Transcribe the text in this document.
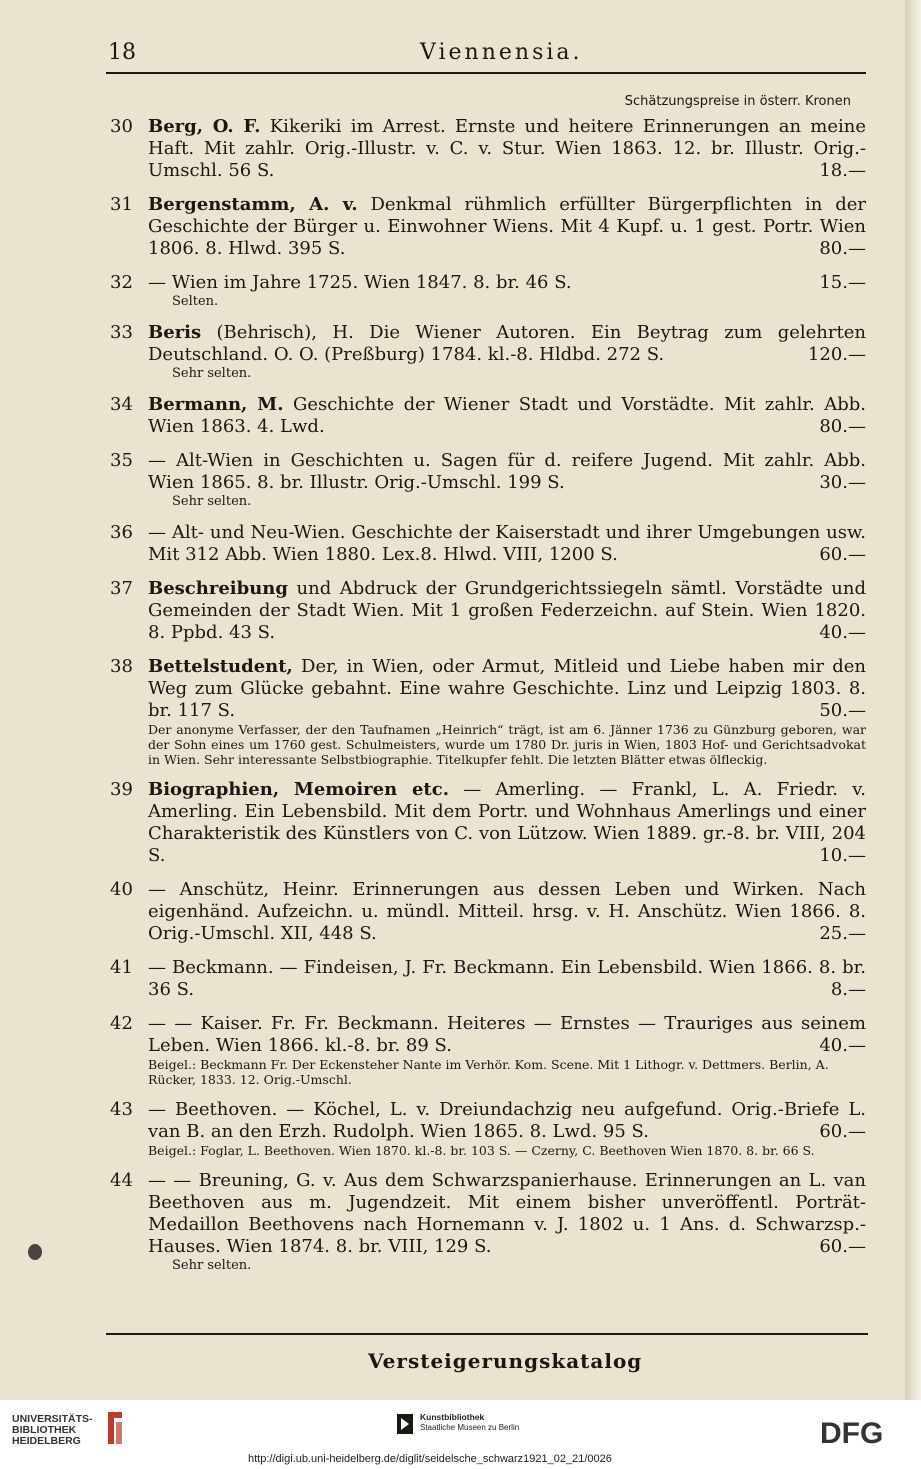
18	Viennensia.
Schätzungspreise in österr. Kronen
30 Berg, O. F. Kikeriki im Arrest. Ernste und heitere Erinnerungen an meine Haft. Mit zahlr. Orig.-Illustr. v. C. v. Stur. Wien 1863. 12. br. Illustr. Orig.-Umschl. 56 S.	18.—
31 Bergenstamm, A. v. Denkmal rühmlich erfüllter Bürgerpflichten in der Geschichte der Bürger u. Einwohner Wiens. Mit 4 Kupf. u. 1 gest. Portr. Wien 1806. 8. Hlwd. 395 S.	80.—
32 — Wien im Jahre 1725. Wien 1847. 8. br. 46 S.	15.—
Selten.
33 Beris (Behrisch), H. Die Wiener Autoren. Ein Beytrag zum gelehrten Deutschland. O. O. (Preßburg) 1784. kl.-8. Hldbd. 272 S.	120.—
Sehr selten.
34 Bermann, M. Geschichte der Wiener Stadt und Vorstädte. Mit zahlr. Abb. Wien 1863. 4. Lwd.	80.—
35 — Alt-Wien in Geschichten u. Sagen für d. reifere Jugend. Mit zahlr. Abb. Wien 1865. 8. br. Illustr. Orig.-Umschl. 199 S.	30.—
Sehr selten.
36 — Alt- und Neu-Wien. Geschichte der Kaiserstadt und ihrer Umgebungen usw. Mit 312 Abb. Wien 1880. Lex.8. Hlwd. VIII, 1200 S.	60.—
37 Beschreibung und Abdruck der Grundgerichtssiegeln sämtl. Vorstädte und Gemeinden der Stadt Wien. Mit 1 großen Federzeichn. auf Stein. Wien 1820. 8. Ppbd. 43 S.	40.—
38 Bettelstudent, Der, in Wien, oder Armut, Mitleid und Liebe haben mir den Weg zum Glücke gebahnt. Eine wahre Geschichte. Linz und Leipzig 1803. 8. br. 117 S.	50.—
Der anonyme Verfasser, der den Taufnamen „Heinrich“ trägt, ist am 6. Jänner 1736 zu Günzburg geboren, war der Sohn eines um 1760 gest. Schulmeisters, wurde um 1780 Dr. juris in Wien, 1803 Hof- und Gerichtsadvokat in Wien. Sehr interessante Selbstbiographie. Titelkupfer fehlt. Die letzten Blätter etwas ölfleckig.
39 Biographien, Memoiren etc. — Amerling. — Frankl, L. A. Friedr. v. Amerling. Ein Lebensbild. Mit dem Portr. und Wohnhaus Amerlings und einer Charakteristik des Künstlers von C. von Lützow. Wien 1889. gr.-8. br. VIII, 204 S.	10.—
40 — Anschütz, Heinr. Erinnerungen aus dessen Leben und Wirken. Nach eigenhänd. Aufzeichn. u. mündl. Mitteil. hrsg. v. H. Anschütz. Wien 1866. 8. Orig.-Umschl. XII, 448 S.	25.—
41 — Beckmann. — Findeisen, J. Fr. Beckmann. Ein Lebensbild. Wien 1866. 8. br. 36 S.	8.—
42 — — Kaiser. Fr. Fr. Beckmann. Heiteres — Ernstes — Trauriges aus seinem Leben. Wien 1866. kl.-8. br. 89 S.	40.—
Beigel.: Beckmann Fr. Der Eckensteher Nante im Verhör. Kom. Scene. Mit 1 Lithogr. v. Dettmers. Berlin, A. Rücker, 1833. 12. Orig.-Umschl.
43 — Beethoven. — Köchel, L. v. Dreiundachzig neu aufgefund. Orig.-Briefe L. van B. an den Erzh. Rudolph. Wien 1865. 8. Lwd. 95 S.	60.—
Beigel.: Foglar, L. Beethoven. Wien 1870. kl.-8. br. 103 S. — Czerny, C. Beethoven Wien 1870. 8. br. 66 S.
44 — — Breuning, G. v. Aus dem Schwarzspanierhause. Erinnerungen an L. van Beethoven aus m. Jugendzeit. Mit einem bisher unveröffentl. Porträt-Medaillon Beethovens nach Hornemann v. J. 1802 u. 1 Ans. d. Schwarzsp.-Hauses. Wien 1874. 8. br. VIII, 129 S.	60.—
Sehr selten.
Versteigerungskatalog
UNIVERSITÄTS-
BIBLIOTHEK
HEIDELBERG
Kunstbibliothek
Staatliche Museen zu Berlin	DFG
http://digi.ub.uni-heidelberg.de/diglit/seidelsche_schwarz1921_02_21/0026
